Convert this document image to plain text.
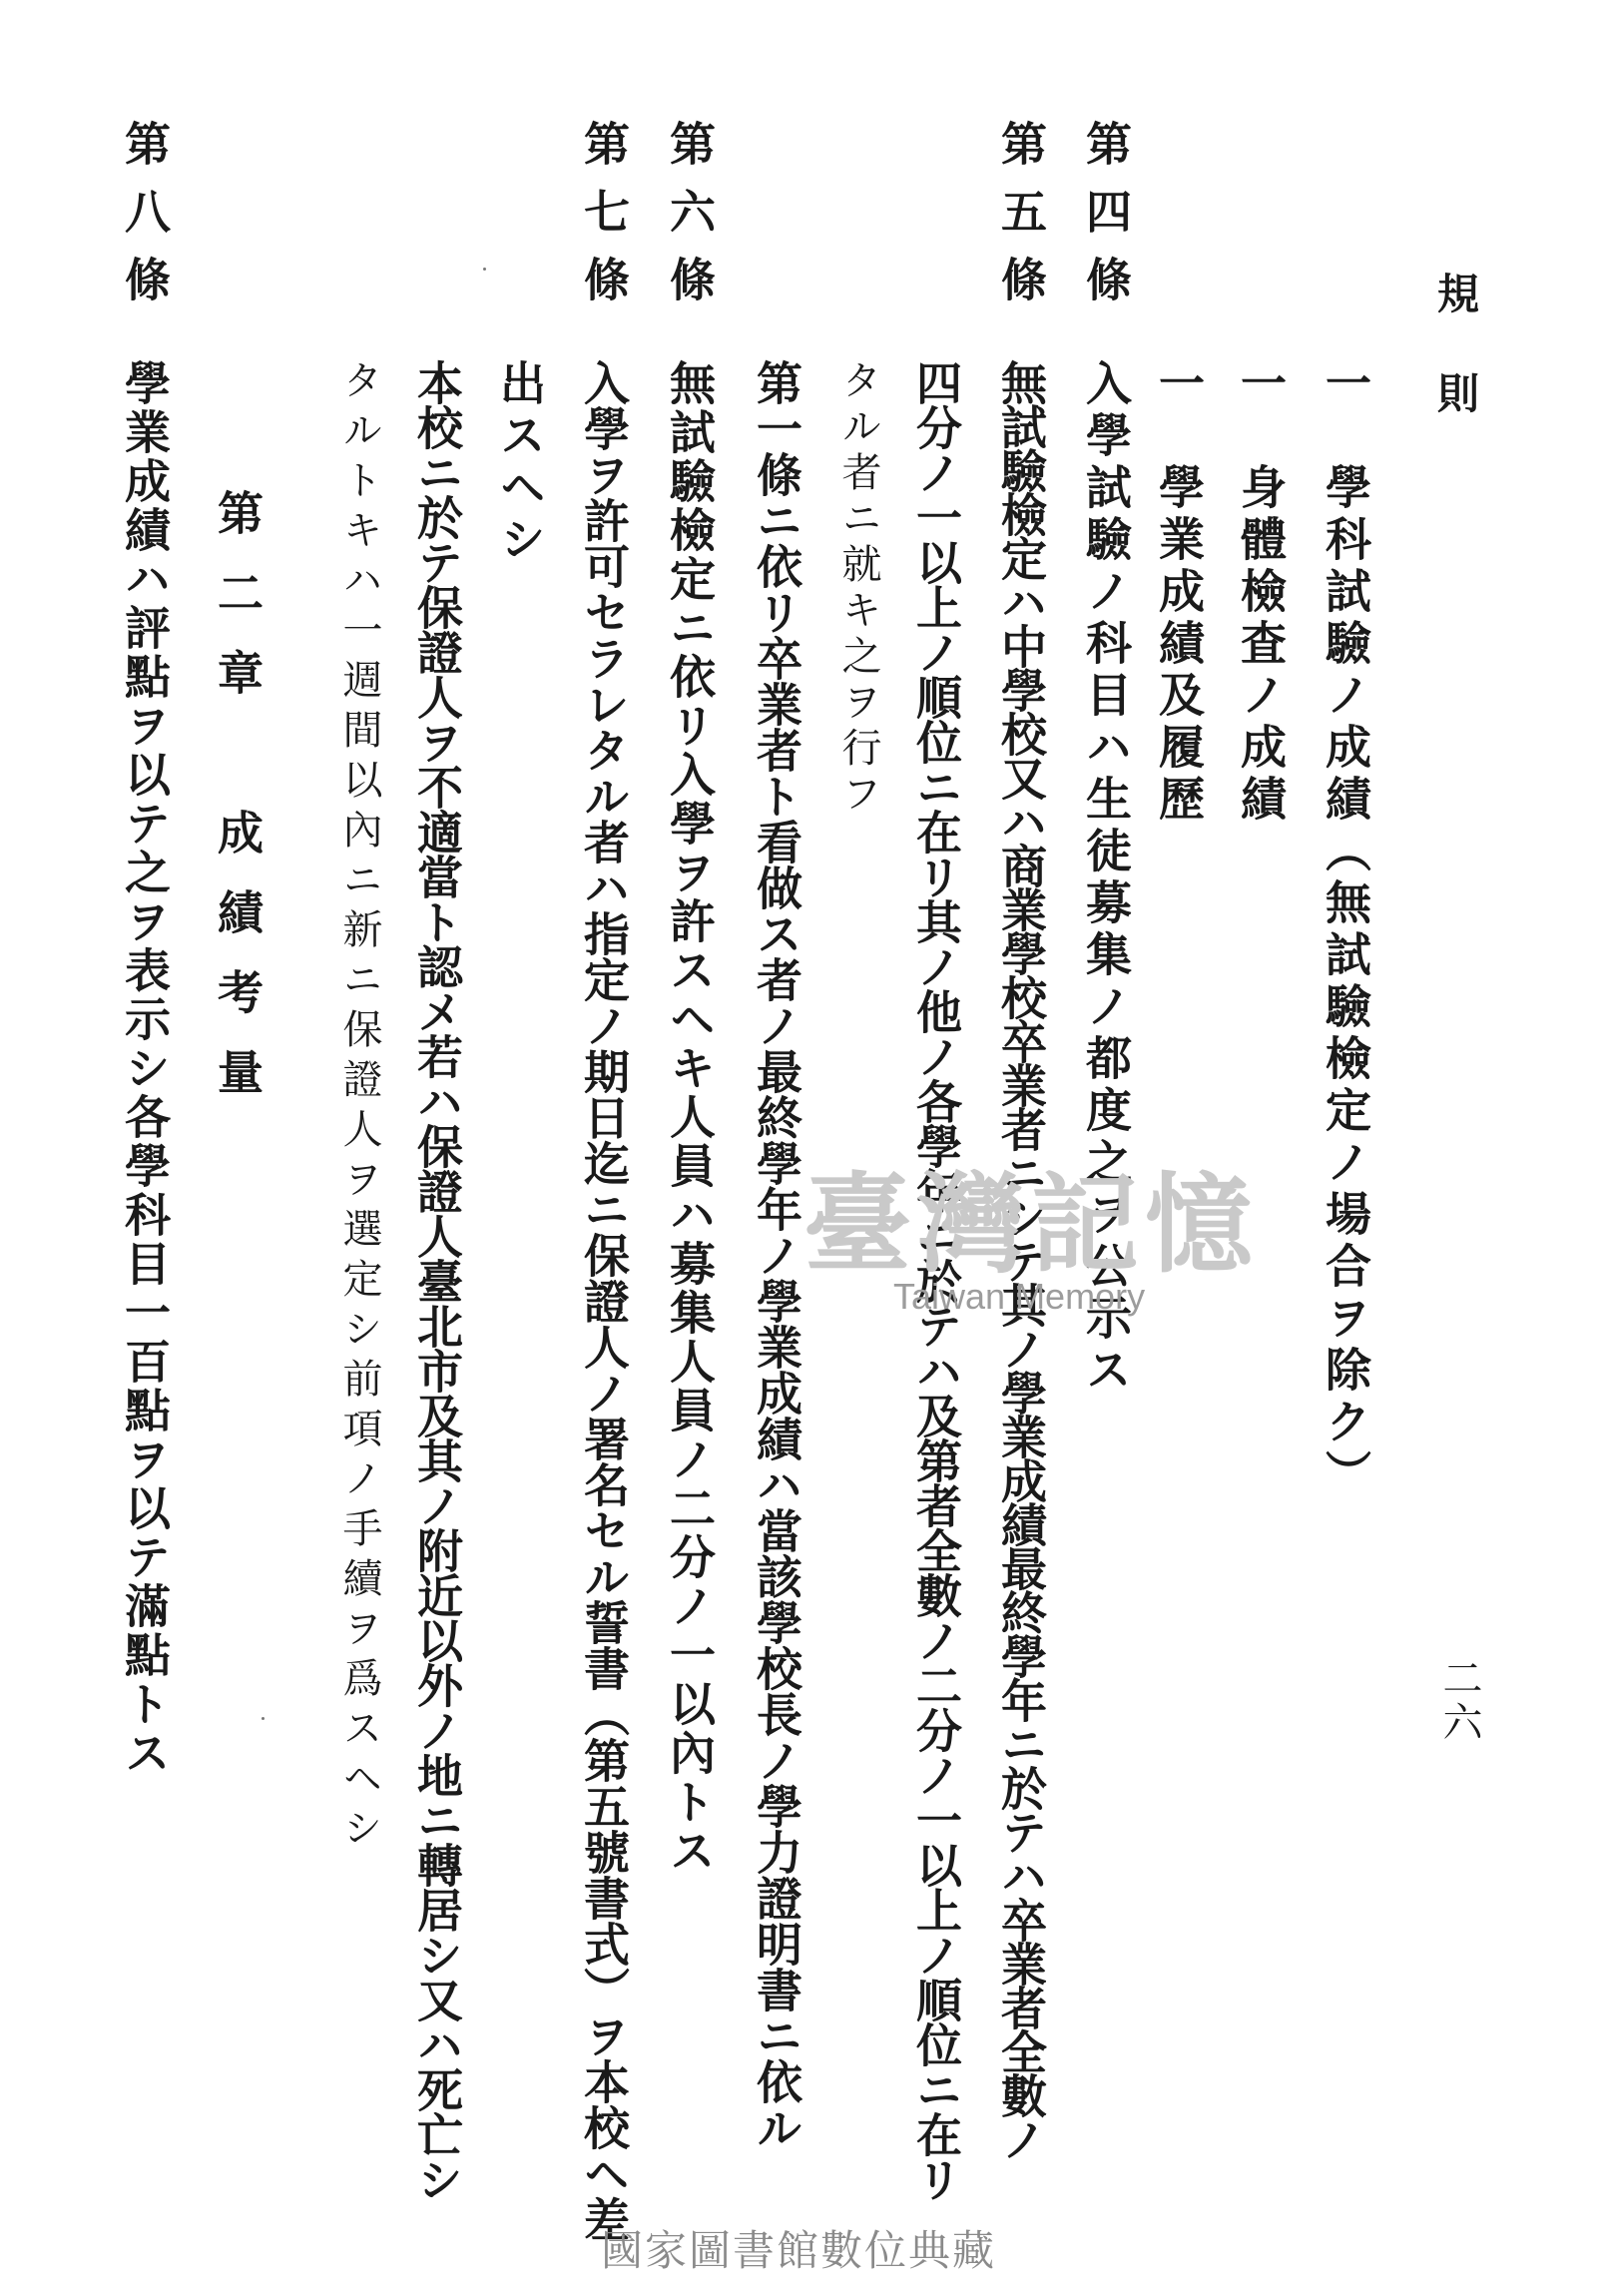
規則
二六
一　學科試驗ノ成績（無試驗檢定ノ場合ヲ除ク）
一　身體檢査ノ成績
一　學業成績及履歷
第四條
入學試驗ノ科目ハ生徒募集ノ都度之ヲ公示ス
第五條
無試驗檢定ハ中學校又ハ商業學校卒業者ニシテ其ノ學業成績最終學年ニ於テハ卒業者全數ノ
四分ノ一以上ノ順位ニ在リ其ノ他ノ各學年ニ於テハ及第者全數ノ二分ノ一以上ノ順位ニ在リ
タル者ニ就キ之ヲ行フ
第一條ニ依リ卒業者ト看做ス者ノ最終學年ノ學業成績ハ當該學校長ノ學力證明書ニ依ル
第六條
無試驗檢定ニ依リ入學ヲ許スヘキ人員ハ募集人員ノ二分ノ一以內トス
第七條
入學ヲ許可セラレタル者ハ指定ノ期日迄ニ保證人ノ署名セル誓書（第五號書式）ヲ本校ヘ差
出スヘシ
本校ニ於テ保證人ヲ不適當ト認メ若ハ保證人臺北市及其ノ附近以外ノ地ニ轉居シ又ハ死亡シ
タルトキハ一週間以內ニ新ニ保證人ヲ選定シ前項ノ手續ヲ爲スヘシ
第二章　成績考量
第八條
學業成績ハ評點ヲ以テ之ヲ表示シ各學科目一百點ヲ以テ滿點トス	臺灣記憶
Taiwan Memory
國家圖書館數位典藏
